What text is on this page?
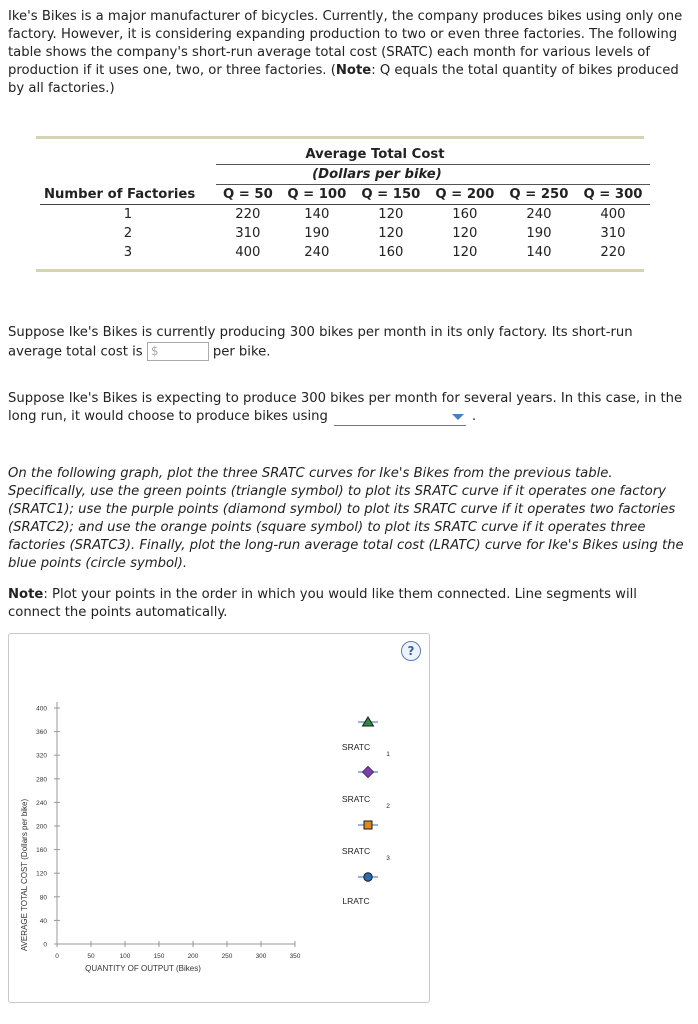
Ike's Bikes is a major manufacturer of bicycles. Currently, the company produces bikes using only one factory. However, it is considering expanding production to two or even three factories. The following table shows the company's short-run average total cost (SRATC) each month for various levels of production if it uses one, two, or three factories. (Note: Q equals the total quantity of bikes produced by all factories.)

	Average Total Cost					
	(Dollars per bike)					
Number of Factories	Q = 50	Q = 100	Q = 150	Q = 200	Q = 250	Q = 300
1	220	140	120	160	240	400
2	310	190	120	120	190	310
3	400	240	160	120	140	220

Suppose Ike's Bikes is currently producing 300 bikes per month in its only factory. Its short-run average total cost is $	per bike.

Suppose Ike's Bikes is expecting to produce 300 bikes per month for several years. In this case, in the long run, it would choose to produce bikes using	.

On the following graph, plot the three SRATC curves for Ike's Bikes from the previous table. Specifically, use the green points (triangle symbol) to plot its SRATC curve if it operates one factory (SRATC1); use the purple points (diamond symbol) to plot its SRATC curve if it operates two factories (SRATC2); and use the orange points (square symbol) to plot its SRATC curve if it operates three factories (SRATC3). Finally, plot the long-run average total cost (LRATC) curve for Ike's Bikes using the blue points (circle symbol).

Note: Plot your points in the order in which you would like them connected. Line segments will connect the points automatically.

?
0
40
80
120
160
200
240
280
320
360
400
0	50	100	150	200	250	300	350
QUANTITY OF OUTPUT (Bikes)
AVERAGE TOTAL COST (Dollars per bike)
SRATC
1
SRATC
2
SRATC
3
LRATC
